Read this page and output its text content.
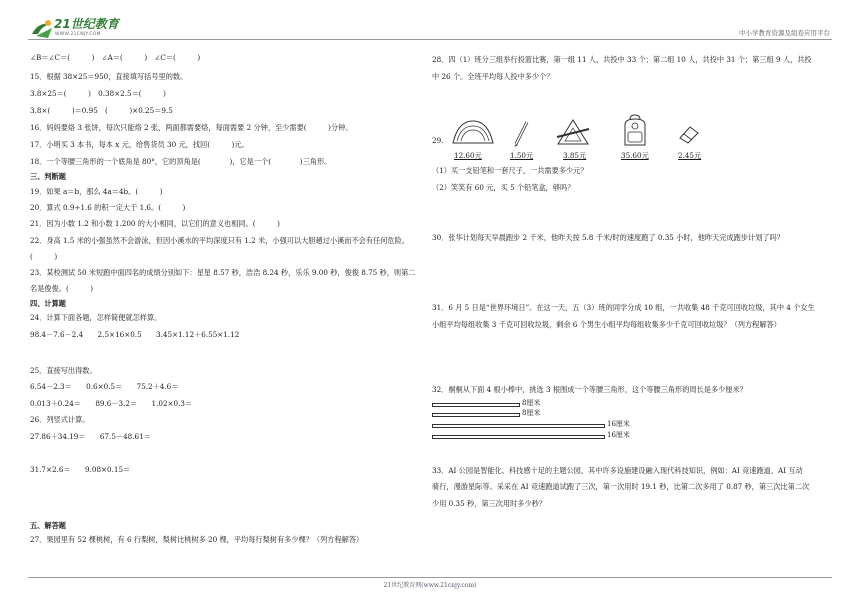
21世纪教育
WWW.21CNJY.COM	中小学教育资源及组卷应用平台
∠B＝∠C＝(　　　)　∠A＝(　　　)　∠C＝(　　　)
15．根据 38×25＝950，直接填写括号里的数。
3.8×25＝(　　　)　0.38×2.5＝(　　　)
3.8×(　　　)＝0.95　(　　　)×0.25＝9.5
16．妈妈要烙 3 张饼，每次只能烙 2 张，两面都需要烙，每面需要 2 分钟，至少需要(　　　)分钟。
17．小明买 3 本书，每本 x 元，给售货员 30 元，找回(　　　)元。
18．一个等腰三角形的一个底角是 80°，它的顶角是(　　　　)，它是一个(　　　　)三角形。
三、判断题
19．如果 a＝b，那么 4a＝4b。(　　　)
20．算式 0.9÷1.6 的积一定大于 1.6。(　　　)
21．因为小数 1.2 和小数 1.200 的大小相同，以它们的意义也相同。(　　　)
22．身高 1.5 米的小强虽然不会游泳，但因小溪水的平均深度只有 1.2 米，小强可以大胆趟过小溪而不会有任何危险。
(　　　)
23．某校测试 50 米短跑中面四名的成绩分别如下：星星 8.57 秒，浩浩 8.24 秒，乐乐 9.00 秒，俊俊 8.75 秒，则第二
名是俊俊。(　　　)
四、计算题
24．计算下面各题，怎样简便就怎样算。
98.4－7.6－2.4　　2.5×16×0.5　　3.45×1.12＋6.55×1.12
25．直接写出得数。
6.54－2.3＝　　0.6×0.5＝　　75.2＋4.6＝
0.013＋0.24＝　　89.6－3.2＝　　1.02×0.3＝
26．列竖式计算。
27.86＋34.19＝　　67.5－48.61＝
31.7×2.6＝　　9.08×0.15＝
五、解答题
27．果园里有 52 棵桃树，有 6 行梨树，梨树比桃树多 20 棵，平均每行梨树有多少棵？（列方程解答）
28．四（1）班分三组举行投篮比赛，第一组 11 人，共投中 33 个；第二组 10 人，共投中 31 个；第三组 9 人，共投
中 26 个。全班平均每人投中多少个？
29.
12.60元	1.50元	3.85元	35.60元	2.45元
（1）买一支铅笔和一套尺子，一共需要多少元？
（2）笑笑有 60 元，买 5 个铅笔盒，够吗？
30．张华计划每天早晨跑步 2 千米，他昨天按 5.8 千米/时的速度跑了 0.35 小时，他昨天完成跑步计划了吗？
31．6 月 5 日是“世界环境日”。在这一天，五（3）班的同学分成 10 组，一共收集 48 千克可回收垃圾，其中 4 个女生
小组平均每组收集 3 千克可回收垃圾，剩余 6 个男生小组平均每组收集多少千克可回收垃圾？（列方程解答）
32．桐桐从下面 4 根小棒中，挑选 3 根围成一个等腰三角形，这个等腰三角形的周长是多少厘米？
8厘米
8厘米
16厘米
16厘米
33．AI 公园是智能化、科技感十足的主题公园，其中许多设施建设融入现代科技知识，例如：AI 竞速跑道、AI 互动
骑行，漫游星际等。采采在 AI 竞速跑道试跑了三次，第一次用时 19.1 秒，比第二次多用了 0.87 秒，第三次比第二次
少用 0.35 秒，第三次用时多少秒？
21世纪教育网(www.21cnjy.com)
